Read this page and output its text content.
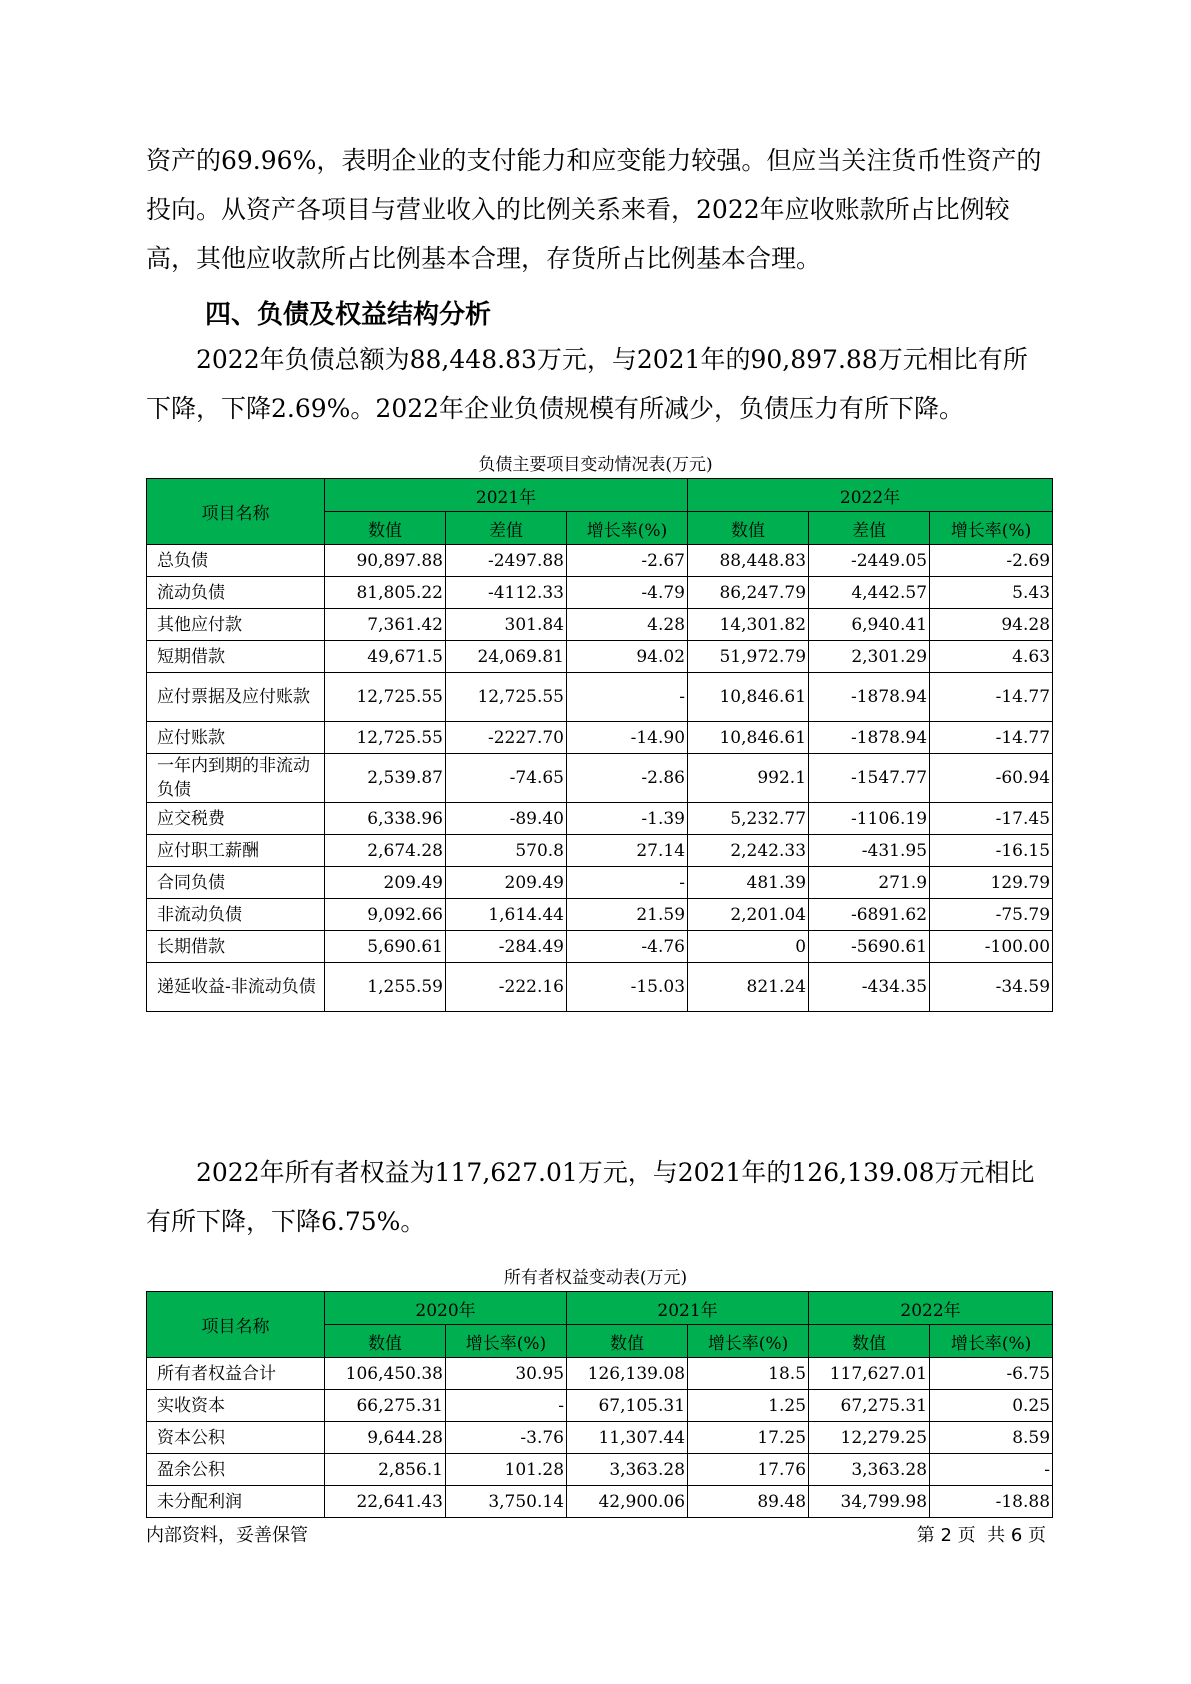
资产的69.96%，表明企业的支付能力和应变能力较强。但应当关注货币性资产的投向。从资产各项目与营业收入的比例关系来看，2022年应收账款所占比例较高，其他应收款所占比例基本合理，存货所占比例基本合理。

四、负债及权益结构分析

2022年负债总额为88,448.83万元，与2021年的90,897.88万元相比有所下降，下降2.69%。2022年企业负债规模有所减少，负债压力有所下降。

负债主要项目变动情况表(万元)
项目名称	2021年			2022年		
	数值	差值	增长率(%)	数值	差值	增长率(%)
总负债	90,897.88	-2497.88	-2.67	88,448.83	-2449.05	-2.69
流动负债	81,805.22	-4112.33	-4.79	86,247.79	4,442.57	5.43
其他应付款	7,361.42	301.84	4.28	14,301.82	6,940.41	94.28
短期借款	49,671.5	24,069.81	94.02	51,972.79	2,301.29	4.63
应付票据及应付账款	12,725.55	12,725.55	-	10,846.61	-1878.94	-14.77
应付账款	12,725.55	-2227.70	-14.90	10,846.61	-1878.94	-14.77
一年内到期的非流动负债	2,539.87	-74.65	-2.86	992.1	-1547.77	-60.94
应交税费	6,338.96	-89.40	-1.39	5,232.77	-1106.19	-17.45
应付职工薪酬	2,674.28	570.8	27.14	2,242.33	-431.95	-16.15
合同负债	209.49	209.49	-	481.39	271.9	129.79
非流动负债	9,092.66	1,614.44	21.59	2,201.04	-6891.62	-75.79
长期借款	5,690.61	-284.49	-4.76	0	-5690.61	-100.00
递延收益-非流动负债	1,255.59	-222.16	-15.03	821.24	-434.35	-34.59

2022年所有者权益为117,627.01万元，与2021年的126,139.08万元相比有所下降，下降6.75%。

所有者权益变动表(万元)
项目名称	2020年		2021年		2022年	
	数值	增长率(%)	数值	增长率(%)	数值	增长率(%)
所有者权益合计	106,450.38	30.95	126,139.08	18.5	117,627.01	-6.75
实收资本	66,275.31	-	67,105.31	1.25	67,275.31	0.25
资本公积	9,644.28	-3.76	11,307.44	17.25	12,279.25	8.59
盈余公积	2,856.1	101.28	3,363.28	17.76	3,363.28	-
未分配利润	22,641.43	3,750.14	42,900.06	89.48	34,799.98	-18.88
内部资料，妥善保管	第 2 页  共 6 页
